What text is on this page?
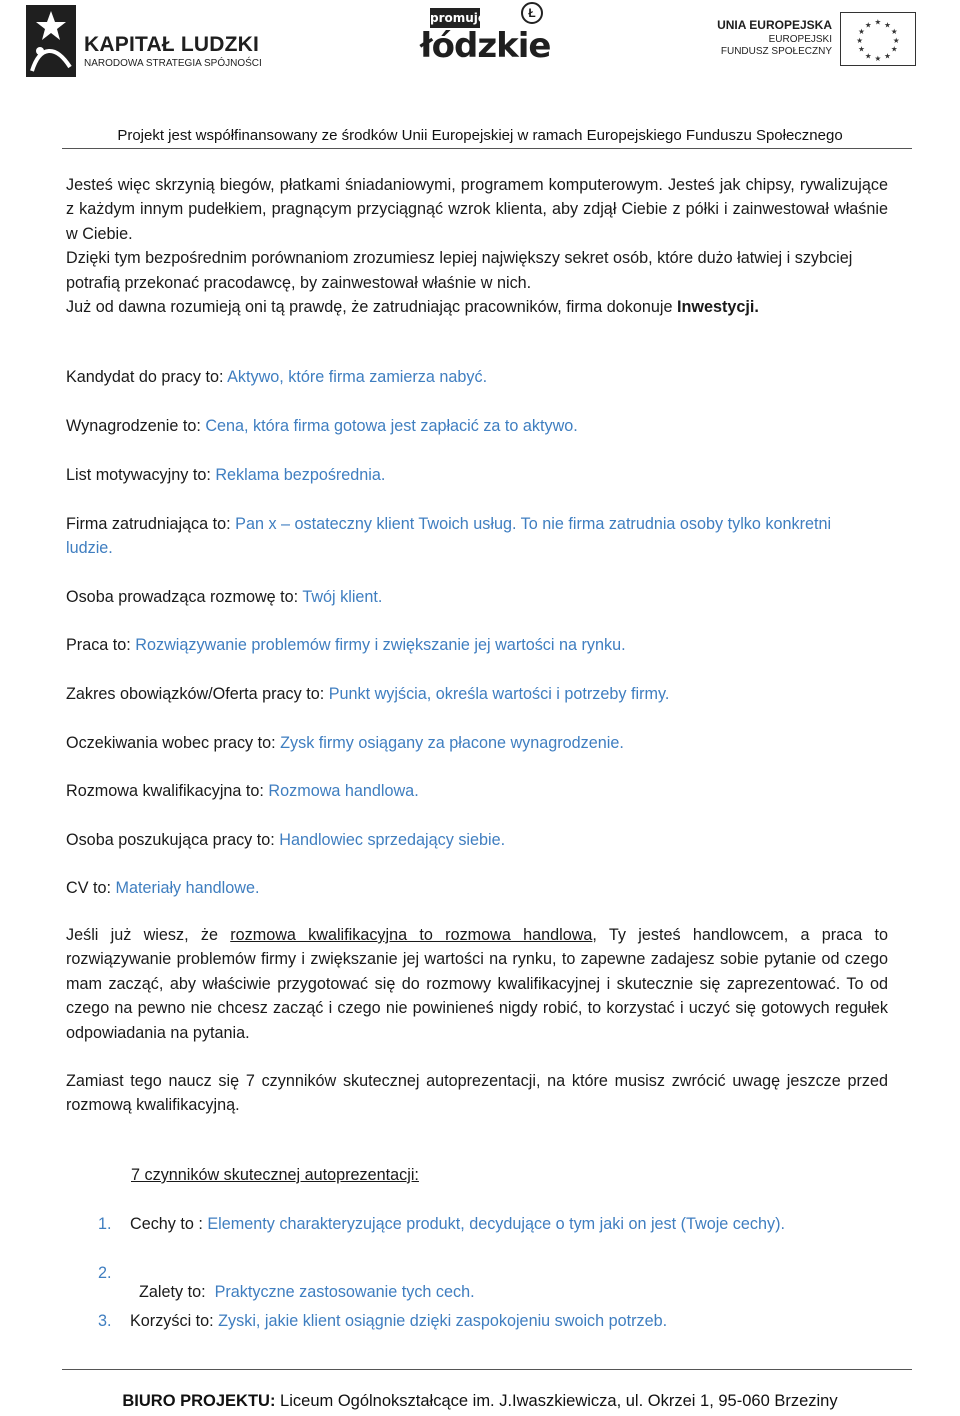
KAPITAŁ LUDZKI
NARODOWA STRATEGIA SPÓJNOŚCI
promuje
łódzkie
Ł
UNIA EUROPEJSKA
EUROPEJSKI
FUNDUSZ SPOŁECZNY
★ ★
★
★
★
★
★
★
★
★
★
★
Projekt jest współfinansowany ze środków Unii Europejskiej w ramach Europejskiego Funduszu Społecznego

Jesteś więc skrzynią biegów, płatkami śniadaniowymi, programem komputerowym. Jesteś jak chipsy, rywalizujące z każdym innym pudełkiem, pragnącym przyciągnąć wzrok klienta, aby zdjął Ciebie z półki i zainwestował właśnie w Ciebie.

Dzięki tym bezpośrednim porównaniom zrozumiesz lepiej największy sekret osób, które dużo łatwiej i szybciej potrafią przekonać pracodawcę, by zainwestował właśnie w nich.

Już od dawna rozumieją oni tą prawdę, że zatrudniając pracowników, firma dokonuje Inwestycji.

Kandydat do pracy to: Aktywo, które firma zamierza nabyć.
Wynagrodzenie to: Cena, która firma gotowa jest zapłacić za to aktywo.
List motywacyjny to: Reklama bezpośrednia.
Firma zatrudniająca to: Pan x – ostateczny klient Twoich usług. To nie firma zatrudnia osoby tylko konkretni ludzie.
Osoba prowadząca rozmowę to: Twój klient.
Praca to: Rozwiązywanie problemów firmy i zwiększanie jej wartości na rynku.
Zakres obowiązków/Oferta pracy to: Punkt wyjścia, określa wartości i potrzeby firmy.
Oczekiwania wobec pracy to: Zysk firmy osiągany za płacone wynagrodzenie.
Rozmowa kwalifikacyjna to: Rozmowa handlowa.
Osoba poszukująca pracy to: Handlowiec sprzedający siebie.
CV to: Materiały handlowe.
Jeśli już wiesz, że rozmowa kwalifikacyjna to rozmowa handlowa, Ty jesteś handlowcem, a praca to rozwiązywanie problemów firmy i zwiększanie jej wartości na rynku, to zapewne zadajesz sobie pytanie od czego mam zacząć, aby właściwie przygotować się do rozmowy kwalifikacyjnej i skutecznie się zaprezentować. To od czego na pewno nie chcesz zacząć i czego nie powinieneś nigdy robić, to korzystać i uczyć się gotowych regułek odpowiadania na pytania.
Zamiast tego naucz się 7 czynników skutecznej autoprezentacji, na które musisz zwrócić uwagę jeszcze przed rozmową kwalifikacyjną.
7 czynników skutecznej autoprezentacji:
1. Cechy to : Elementy charakteryzujące produkt, decydujące o tym jaki on jest (Twoje cechy).
2.

Zalety to:  Praktyczne zastosowanie tych cech.

3. Korzyści to: Zyski, jakie klient osiągnie dzięki zaspokojeniu swoich potrzeb.
BIURO PROJEKTU: Liceum Ogólnokształcące im. J.Iwaszkiewicza, ul. Okrzei 1, 95-060 Brzeziny
